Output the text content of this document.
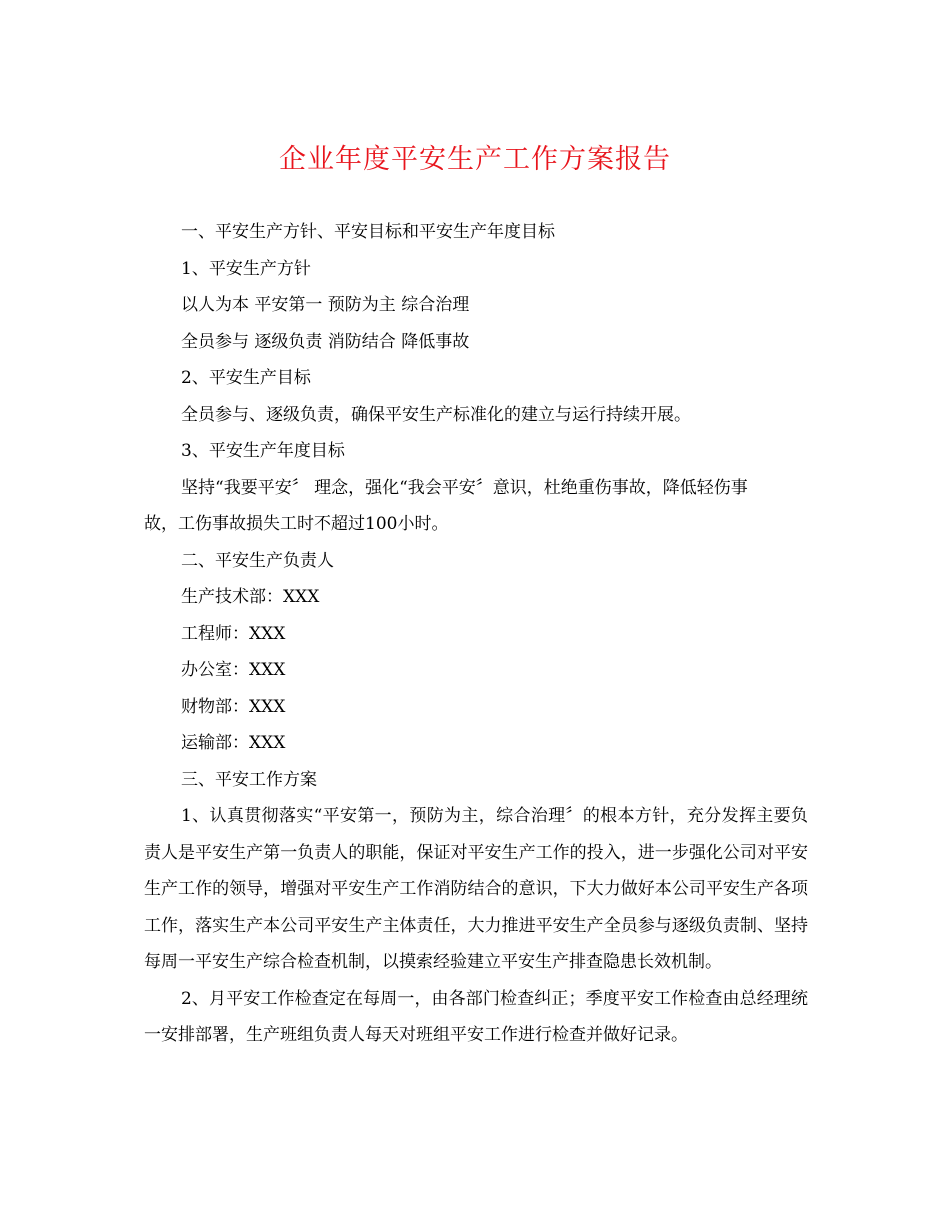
企业年度平安生产工作方案报告

一、平安生产方针、平安目标和平安生产年度目标

1、平安生产方针

以人为本 平安第一 预防为主 综合治理

全员参与 逐级负责 消防结合 降低事故

2、平安生产目标

全员参与、逐级负责，确保平安生产标准化的建立与运行持续开展。

3、平安生产年度目标

坚持“我要平安〞 理念，强化“我会平安〞意识，杜绝重伤事故，降低轻伤事

故，工伤事故损失工时不超过100小时。

二、平安生产负责人

生产技术部：XXX

工程师：XXX

办公室：XXX

财物部：XXX

运输部：XXX

三、平安工作方案

1、认真贯彻落实“平安第一，预防为主，综合治理〞的根本方针，充分发挥主要负责人是平安生产第一负责人的职能，保证对平安生产工作的投入，进一步强化公司对平安生产工作的领导，增强对平安生产工作消防结合的意识，下大力做好本公司平安生产各项工作，落实生产本公司平安生产主体责任，大力推进平安生产全员参与逐级负责制、坚持每周一平安生产综合检查机制，以摸索经验建立平安生产排查隐患长效机制。

2、月平安工作检查定在每周一，由各部门检查纠正；季度平安工作检查由总经理统一安排部署，生产班组负责人每天对班组平安工作进行检查并做好记录。
